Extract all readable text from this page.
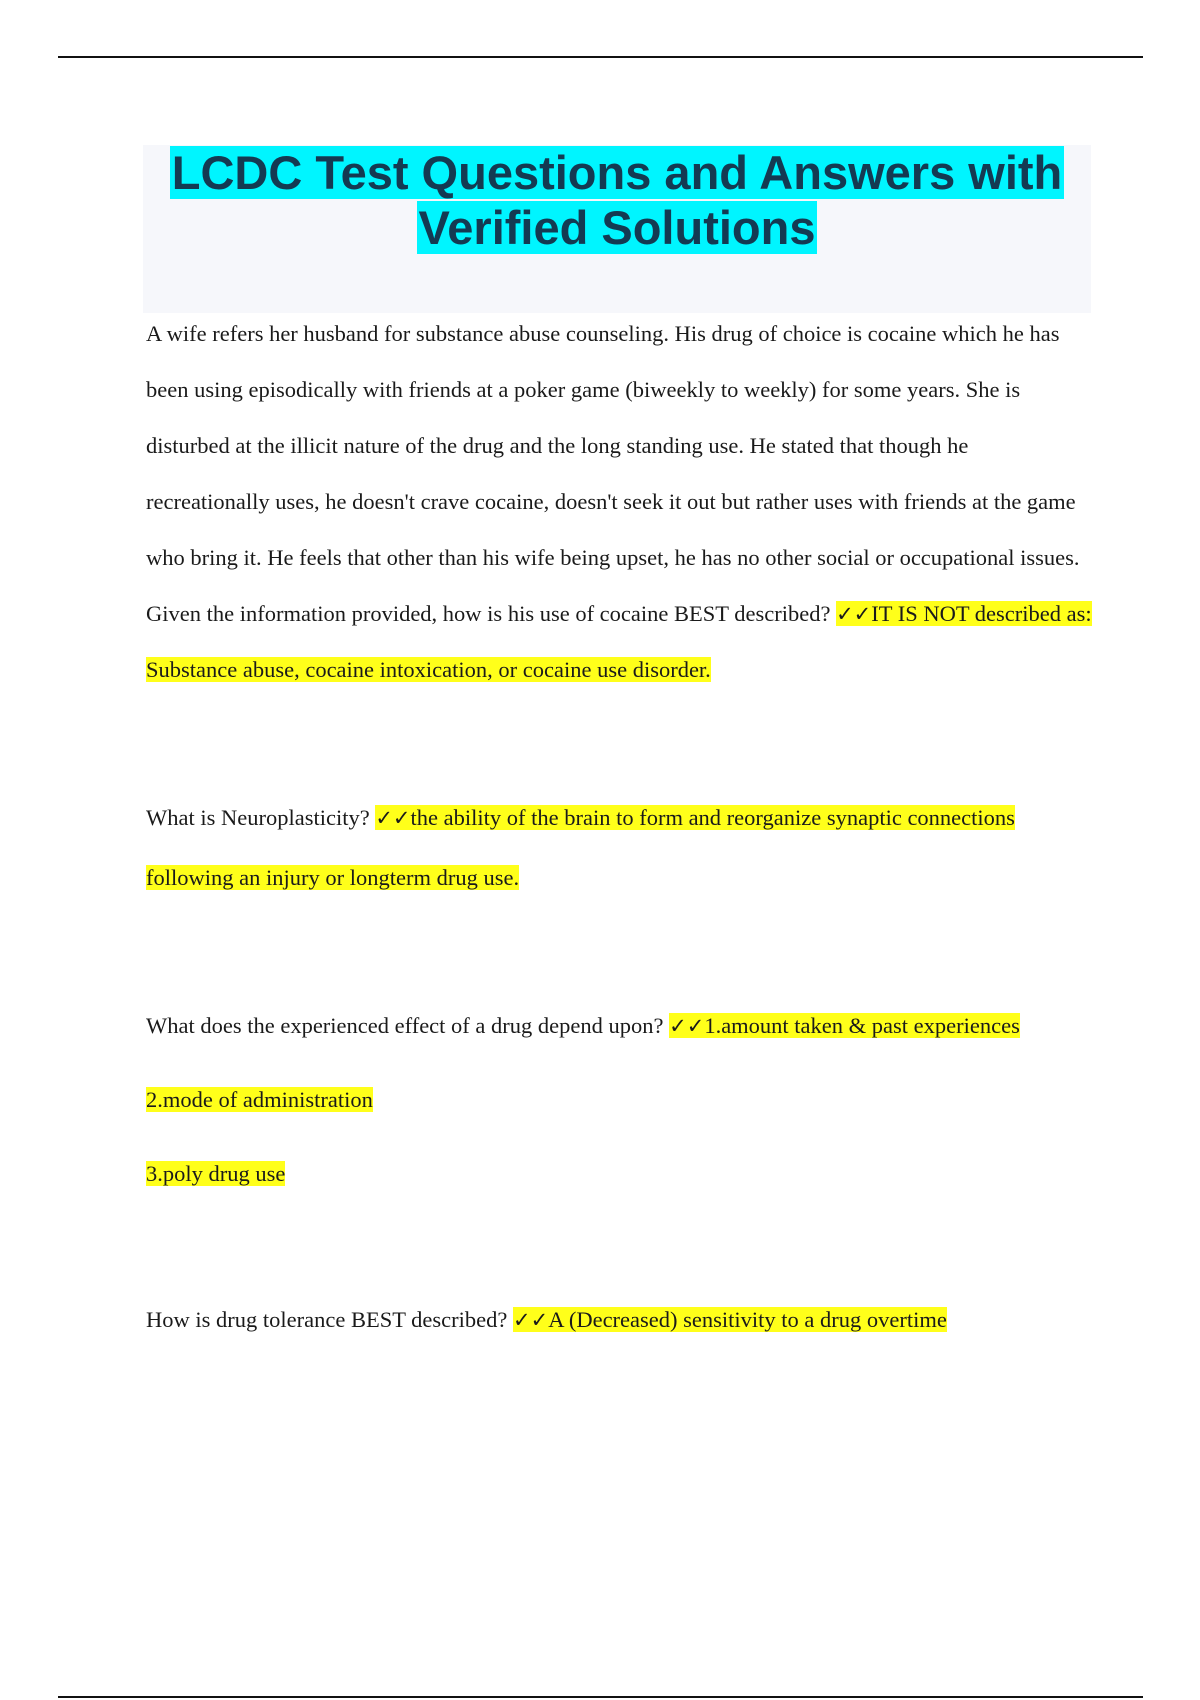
LCDC Test Questions and Answers with
Verified Solutions
A wife refers her husband for substance abuse counseling. His drug of choice is cocaine which he has been using episodically with friends at a poker game (biweekly to weekly) for some years. She is disturbed at the illicit nature of the drug and the long standing use. He stated that though he recreationally uses, he doesn't crave cocaine, doesn't seek it out but rather uses with friends at the game who bring it. He feels that other than his wife being upset, he has no other social or occupational issues. Given the information provided, how is his use of cocaine BEST described? ✓✓IT IS NOT described as: Substance abuse, cocaine intoxication, or cocaine use disorder.
What is Neuroplasticity? ✓✓the ability of the brain to form and reorganize synaptic connections following an injury or longterm drug use.
What does the experienced effect of a drug depend upon? ✓✓1.amount taken & past experiences
2.mode of administration
3.poly drug use
How is drug tolerance BEST described? ✓✓A (Decreased) sensitivity to a drug overtime
